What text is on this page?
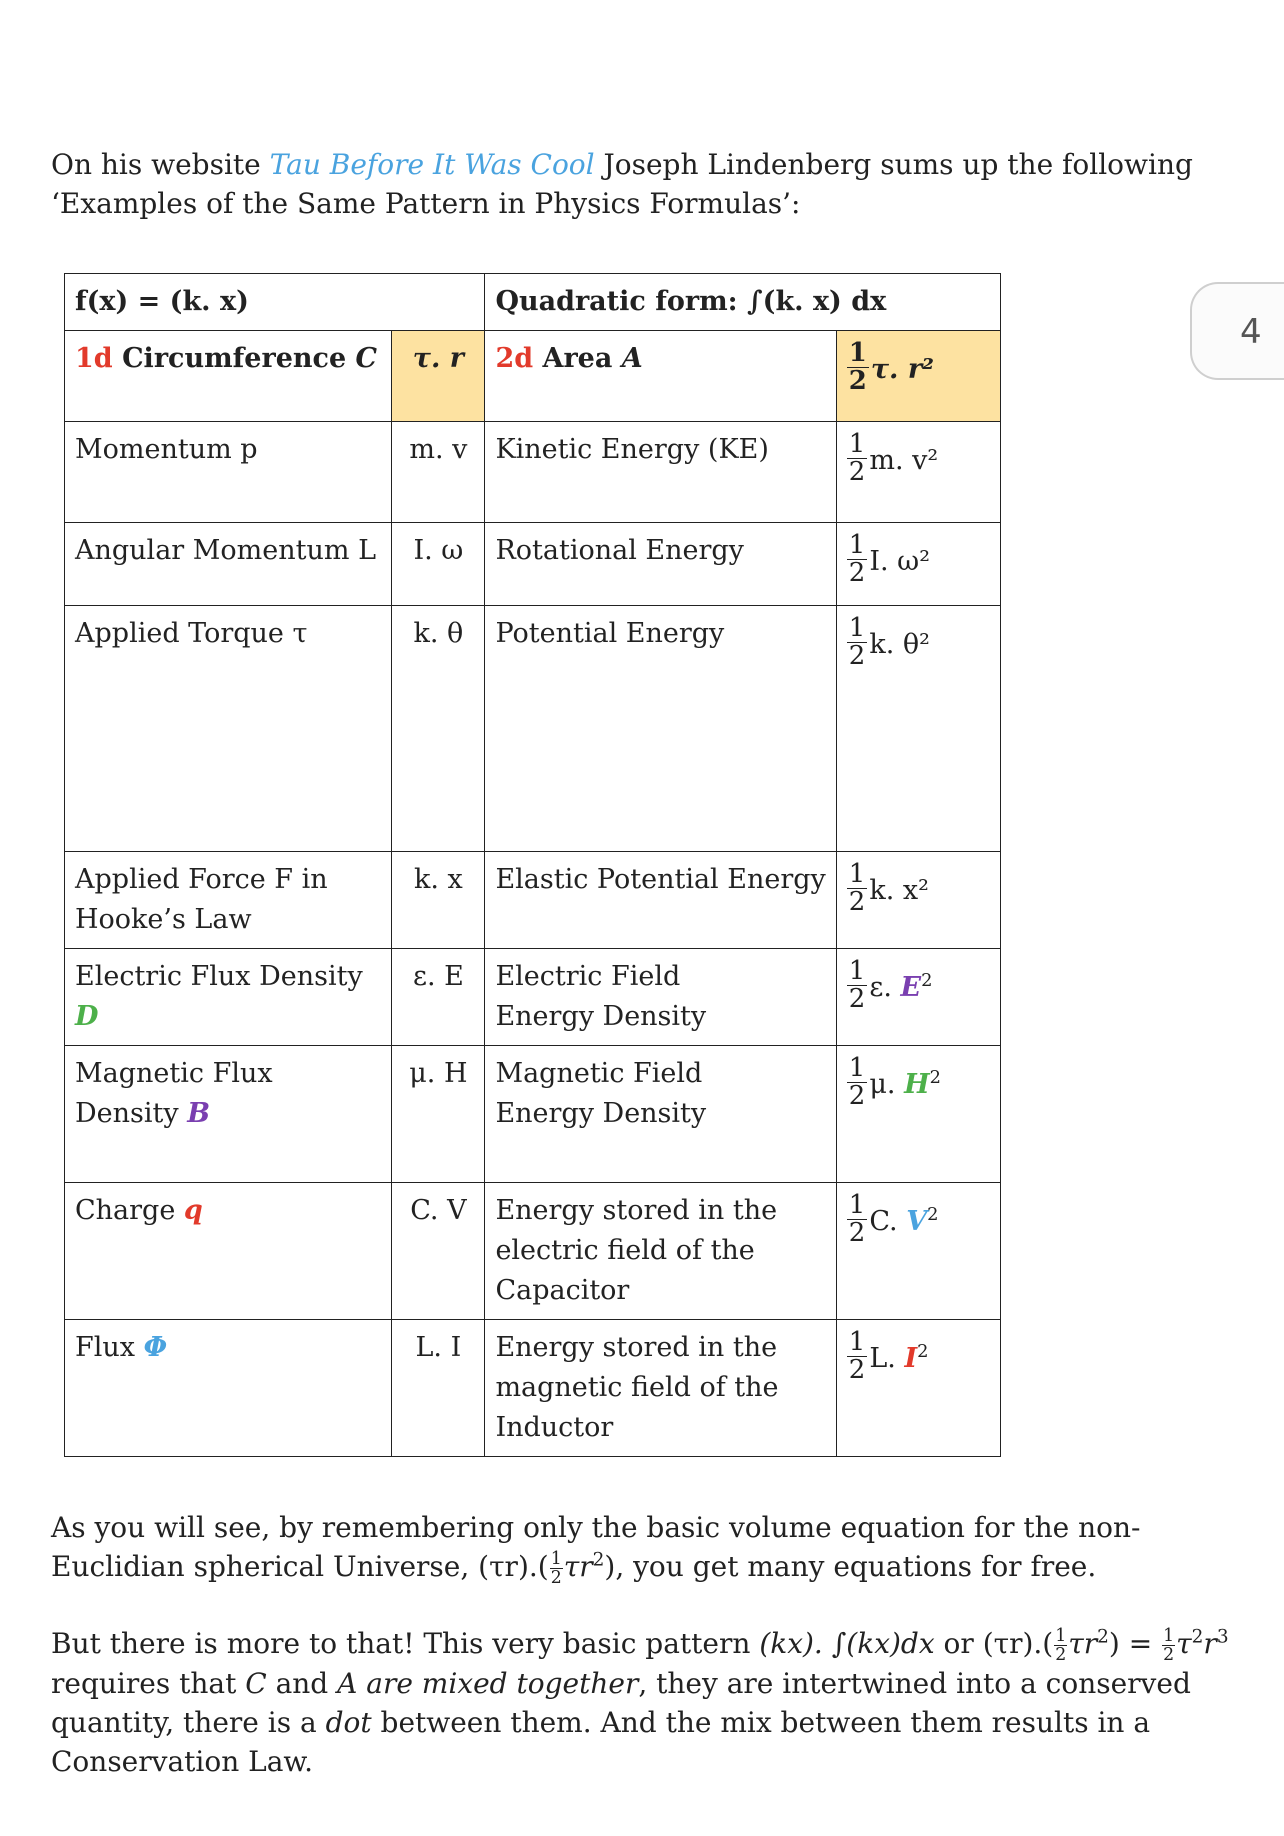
On his website Tau Before It Was Cool Joseph Lindenberg sums up the following ‘Examples of the Same Pattern in Physics Formulas’:

f(x) = (k. x)		Quadratic form: ∫(k. x) dx	
1d Circumference C	τ. r	2d Area A	1
2 τ. r²

Momentum p	m. v	Kinetic Energy (KE)	1
2 m. v²

Angular Momentum L	I. ω	Rotational Energy	1
2 I. ω²

Applied Torque τ	k. θ	Potential Energy	1
2 k. θ²

Applied Force F in
Hooke’s Law	k. x	Elastic Potential Energy	1
2 k. x²

Electric Flux Density D	ε. E	Electric Field
Energy Density	1
2 ε. $E^2$

Magnetic Flux Density B	μ. H	Magnetic Field
Energy Density	1
2 μ. $H^2$

Charge q	C. V	Energy stored in the
electric field of the
Capacitor	1
2 C. $V^2$

Flux Φ	L. I	Energy stored in the
magnetic field of the
Inductor	1
2 L. $I^2$
4

As you will see, by remembering only the basic volume equation for the non-Euclidian spherical Universe, $(\tau r).( \frac{1}{2} \tau r^2)$, you get many equations for free.

But there is more to that! This very basic pattern (kx). ∫(kx)dx or $(\tau r).( \frac{1}{2} \tau r^2) = \frac{1}{2} \tau^2r^3$ requires that C and A are mixed together, they are intertwined into a conserved quantity, there is a dot between them. And the mix between them results in a Conservation Law.
